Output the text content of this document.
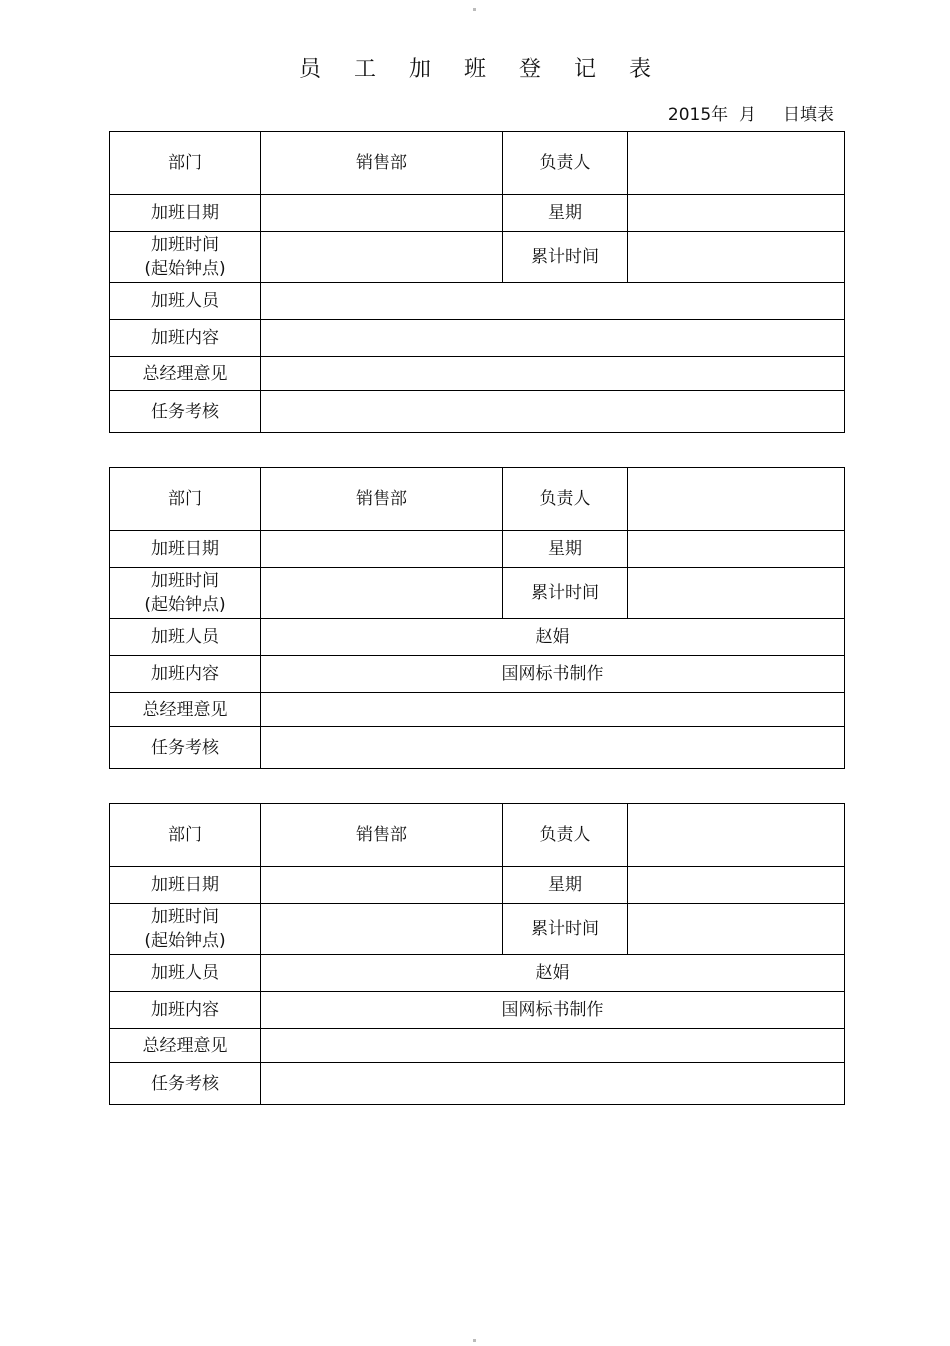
员 工 加 班 登 记 表
2015年  月     日填表
部门	销售部	负责人	
加班日期		星期	

加班时间
(起始钟点)		累计时间	
加班人员			
加班内容			
总经理意见			
任务考核			
部门	销售部	负责人	
加班日期		星期	

加班时间
(起始钟点)		累计时间	
加班人员	赵娟		
加班内容	国网标书制作		
总经理意见			
任务考核			
部门	销售部	负责人	
加班日期		星期	

加班时间
(起始钟点)		累计时间	
加班人员	赵娟		
加班内容	国网标书制作		
总经理意见			
任务考核			
